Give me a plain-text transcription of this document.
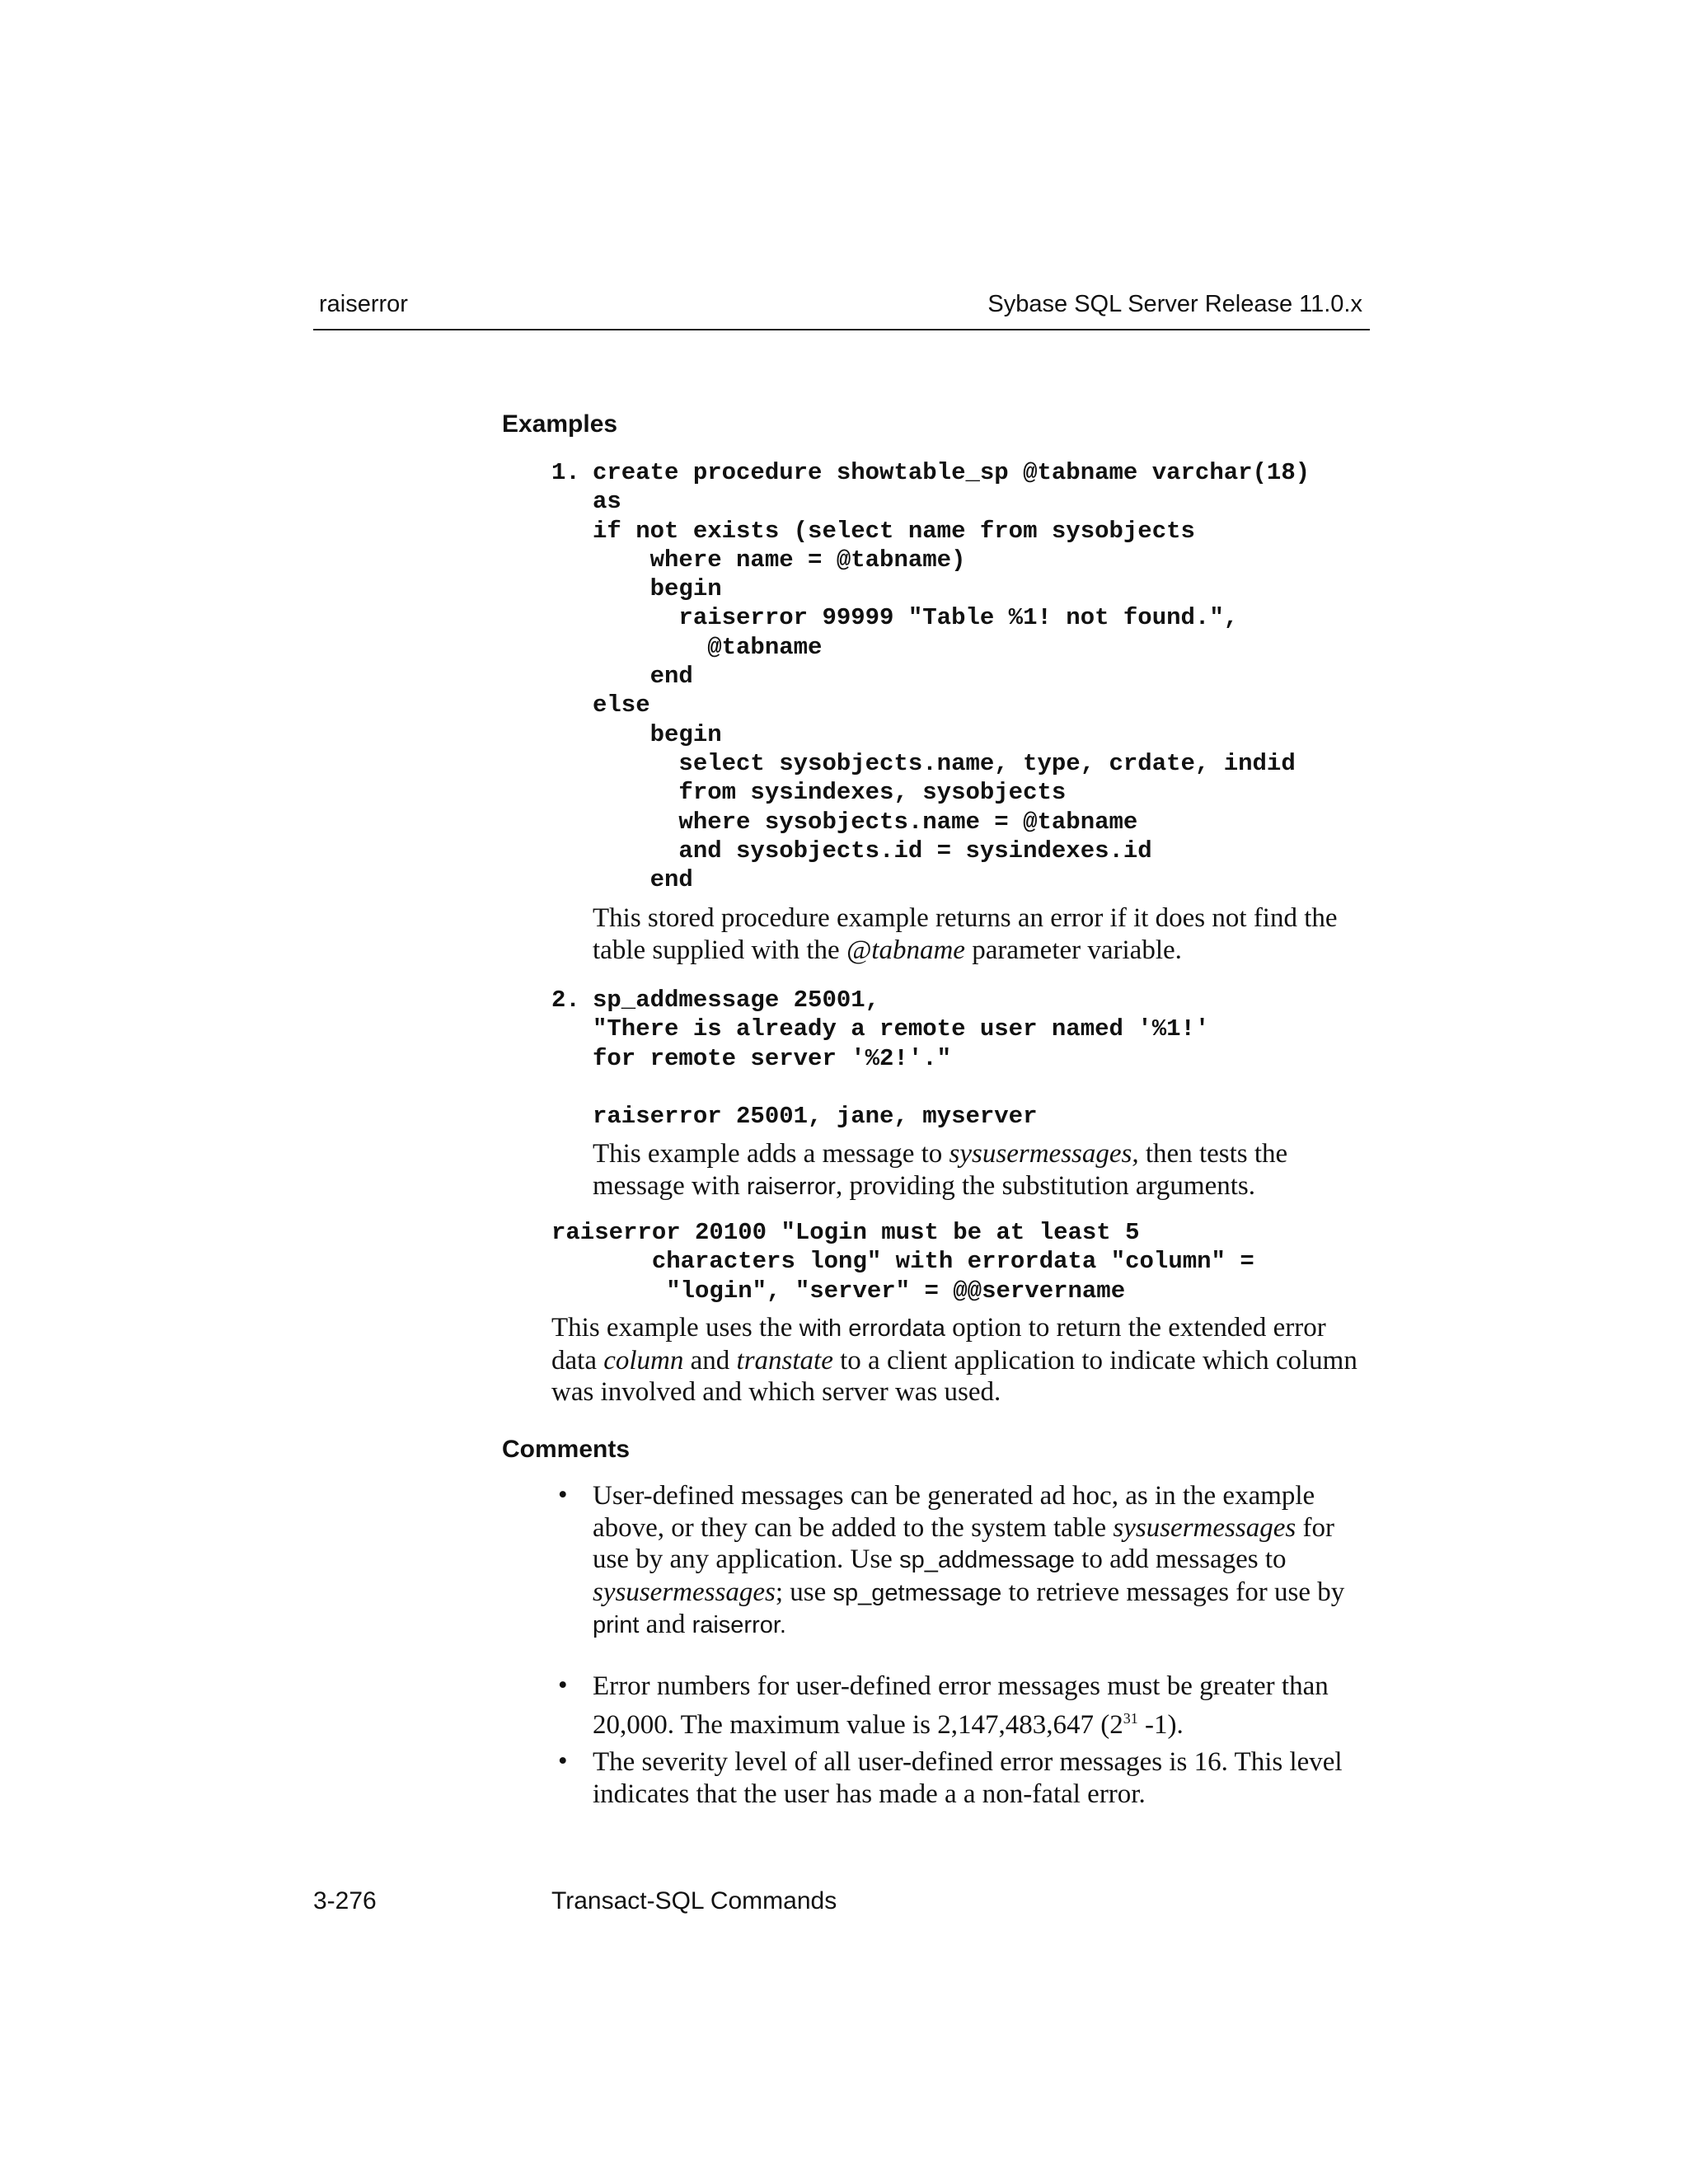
raiserror	Sybase SQL Server Release 11.0.x
Examples
1. create procedure showtable_sp @tabname varchar(18)
as
if not exists (select name from sysobjects
where name = @tabname)
begin
raiserror 99999 "Table %1! not found.",
@tabname
end
else
begin
select sysobjects.name, type, crdate, indid
from sysindexes, sysobjects
where sysobjects.name = @tabname
and sysobjects.id = sysindexes.id
end

This stored procedure example returns an error if it does not find the table supplied with the @tabname parameter variable.

2. sp_addmessage 25001,
"There is already a remote user named '%1!'
for remote server '%2!'."

raiserror 25001, jane, myserver

This example adds a message to sysusermessages, then tests the message with raiserror, providing the substitution arguments.

raiserror 20100 "Login must be at least 5
characters long" with errordata "column" =
"login", "server" = @@servername

This example uses the with errordata option to return the extended error data column and transtate to a client application to indicate which column was involved and which server was used.

Comments
• User-defined messages can be generated ad hoc, as in the example above, or they can be added to the system table sysusermessages for use by any application. Use sp_addmessage to add messages to sysusermessages; use sp_getmessage to retrieve messages for use by print and raiserror.

• Error numbers for user-defined error messages must be greater than 20,000. The maximum value is 2,147,483,647 ($2^{31}$ -1).

• The severity level of all user-defined error messages is 16. This level indicates that the user has made a a non-fatal error.

3-276	Transact-SQL Commands
